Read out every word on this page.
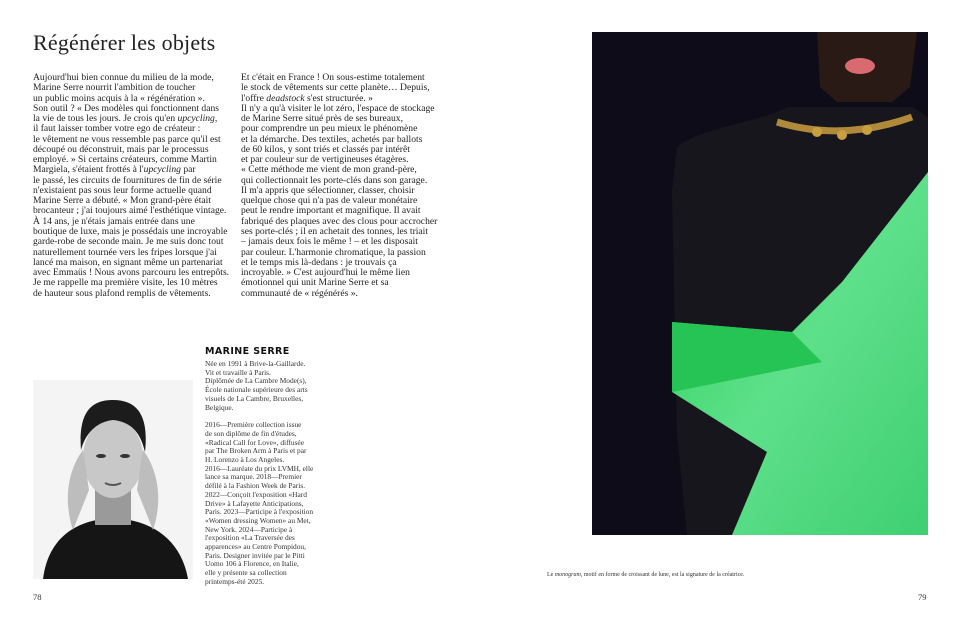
Régénérer les objets
Aujourd'hui bien connue du milieu de la mode,
Marine Serre nourrit l'ambition de toucher
un public moins acquis à la « régénération ».
Son outil ? « Des modèles qui fonctionnent dans
la vie de tous les jours. Je crois qu'en upcycling,
il faut laisser tomber votre ego de créateur :
le vêtement ne vous ressemble pas parce qu'il est
découpé ou déconstruit, mais par le processus
employé. » Si certains créateurs, comme Martin
Margiela, s'étaient frottés à l'upcycling par
le passé, les circuits de fournitures de fin de série
n'existaient pas sous leur forme actuelle quand
Marine Serre a débuté. « Mon grand-père était
brocanteur ; j'ai toujours aimé l'esthétique vintage.
À 14 ans, je n'étais jamais entrée dans une
boutique de luxe, mais je possédais une incroyable
garde-robe de seconde main. Je me suis donc tout
naturellement tournée vers les fripes lorsque j'ai
lancé ma maison, en signant même un partenariat
avec Emmaüs ! Nous avons parcouru les entrepôts.
Je me rappelle ma première visite, les 10 mètres
de hauteur sous plafond remplis de vêtements.
Et c'était en France ! On sous-estime totalement
le stock de vêtements sur cette planète… Depuis,
l'offre deadstock s'est structurée. »
Il n'y a qu'à visiter le lot zéro, l'espace de stockage
de Marine Serre situé près de ses bureaux,
pour comprendre un peu mieux le phénomène
et la démarche. Des textiles, achetés par ballots
de 60 kilos, y sont triés et classés par intérêt
et par couleur sur de vertigineuses étagères.
« Cette méthode me vient de mon grand-père,
qui collectionnait les porte-clés dans son garage.
Il m'a appris que sélectionner, classer, choisir
quelque chose qui n'a pas de valeur monétaire
peut le rendre important et magnifique. Il avait
fabriqué des plaques avec des clous pour accrocher
ses porte-clés ; il en achetait des tonnes, les triait
– jamais deux fois le même ! – et les disposait
par couleur. L'harmonie chromatique, la passion
et le temps mis là-dedans : je trouvais ça
incroyable. » C'est aujourd'hui le même lien
émotionnel qui unit Marine Serre et sa
communauté de « régénérés ».
MARINE SERRE
Née en 1991 à Brive-la-Gaillarde.
Vit et travaille à Paris.
Diplômée de La Cambre Mode(s),
École nationale supérieure des arts
visuels de La Cambre, Bruxelles,
Belgique.
2016—Première collection issue
de son diplôme de fin d'études,
«Radical Call for Love», diffusée
par The Broken Arm à Paris et par
H. Lorenzo à Los Angeles.
2016—Lauréate du prix LVMH, elle
lance sa marque. 2018—Premier
défilé à la Fashion Week de Paris.
2022—Conçoit l'exposition «Hard
Drive» à Lafayette Anticipations,
Paris. 2023—Participe à l'exposition
«Women dressing Women» au Met,
New York. 2024—Participe à
l'exposition «La Traversée des
apparences» au Centre Pompidou,
Paris. Designer invitée par le Pitti
Uomo 106 à Florence, en Italie,
elle y présente sa collection
printemps-été 2025.
Le monogram, motif en forme de croissant de lune, est la signature de la créatrice.
78	79
